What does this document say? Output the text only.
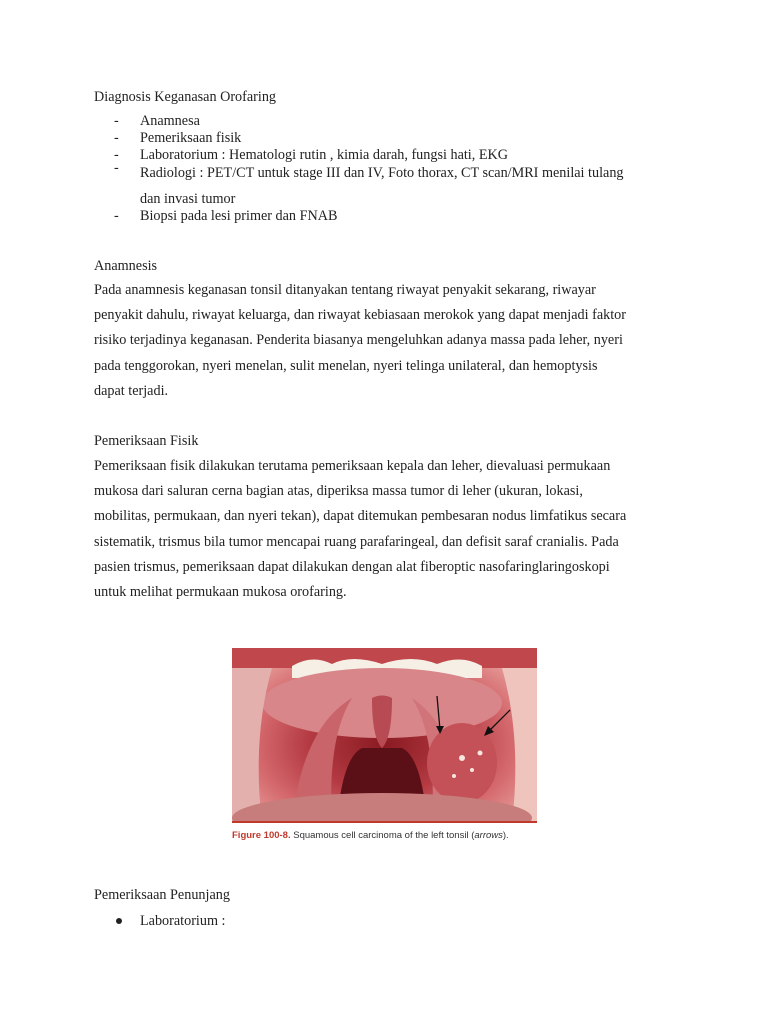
Diagnosis Keganasan Orofaring
- Anamnesa
- Pemeriksaan fisik
- Laboratorium : Hematologi rutin , kimia darah, fungsi hati, EKG
- Radiologi : PET/CT untuk stage III dan IV, Foto thorax, CT scan/MRI menilai tulang
dan invasi tumor
- Biopsi pada lesi primer dan FNAB
Anamnesis
Pada anamnesis keganasan tonsil ditanyakan tentang riwayat penyakit sekarang, riwayar
penyakit dahulu, riwayat keluarga, dan riwayat kebiasaan merokok yang dapat menjadi faktor
risiko terjadinya keganasan. Penderita biasanya mengeluhkan adanya massa pada leher, nyeri
pada tenggorokan, nyeri menelan, sulit menelan, nyeri telinga unilateral, dan hemoptysis
dapat terjadi.
Pemeriksaan Fisik
Pemeriksaan fisik dilakukan terutama pemeriksaan kepala dan leher, dievaluasi permukaan
mukosa dari saluran cerna bagian atas, diperiksa massa tumor di leher (ukuran, lokasi,
mobilitas, permukaan, dan nyeri tekan), dapat ditemukan pembesaran nodus limfatikus secara
sistematik, trismus bila tumor mencapai ruang parafaringeal, dan defisit saraf cranialis. Pada
pasien trismus, pemeriksaan dapat dilakukan dengan alat fiberoptic nasofaringlaringoskopi
untuk melihat permukaan mukosa orofaring.
Figure 100-8. Squamous cell carcinoma of the left tonsil (arrows).
Pemeriksaan Penunjang
Laboratorium :
